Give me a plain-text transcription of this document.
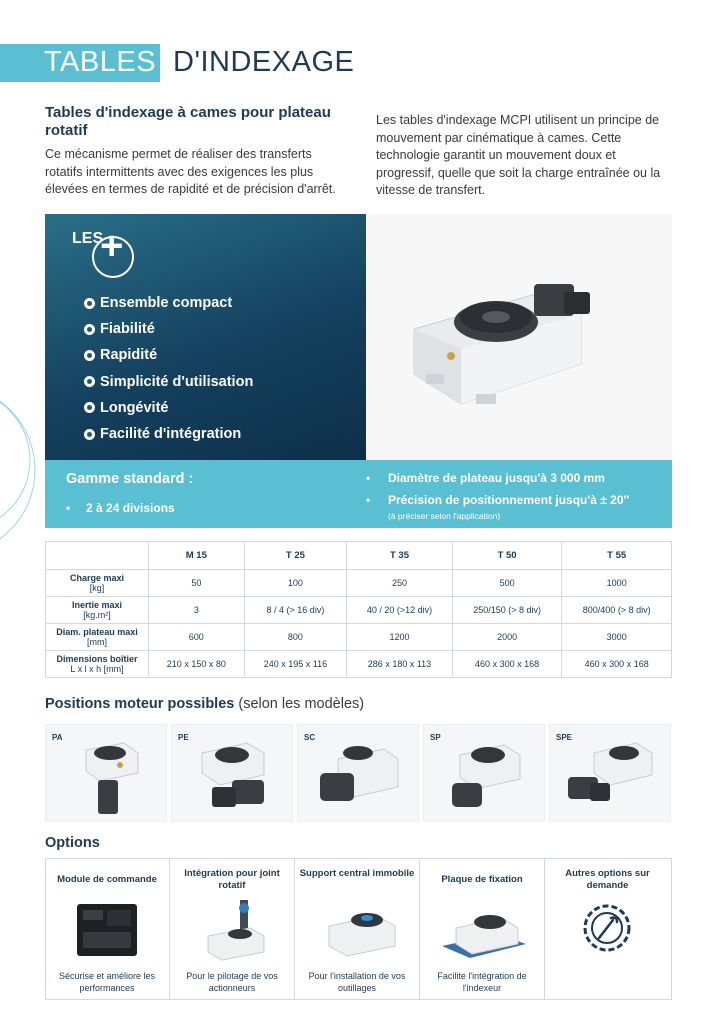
TABLES D'INDEXAGE
Tables d'indexage à cames pour plateau rotatif
Ce mécanisme permet de réaliser des transferts rotatifs intermittents avec des exigences les plus élevées en termes de rapidité et de précision d'arrêt.
Les tables d'indexage MCPI utilisent un principe de mouvement par cinématique à cames. Cette technologie garantit un mouvement doux et progressif, quelle que soit la charge entraînée ou la vitesse de transfert.
LES
+
Ensemble compact
Fiabilité
Rapidité
Simplicité d'utilisation
Longévité
Facilité d'intégration
Gamme standard :
• 2 à 24 divisions
• Diamètre de plateau jusqu'à 3 000 mm
• Précision de positionnement jusqu'à ± 20''
(à préciser selon l'application)
	M 15	T 25	T 35	T 50	T 55
Charge maxi
[kg]	50	100	250	500	1000
Inertie maxi
[kg.m²]	3	8 / 4 (> 16 div)	40 / 20 (>12 div)	250/150 (> 8 div)	800/400 (> 8 div)
Diam. plateau maxi
[mm]	600	800	1200	2000	3000
Dimensions boîtier
L x l x h [mm]	210 x 150 x 80	240 x 195 x 116	286 x 180 x 113	460 x 300 x 168	460 x 300 x 168
Positions moteur possibles (selon les modèles)
PA	PE	SC	SP	SPE
Options
Module de commande
Sécurise et améliore les performances
Intégration pour joint rotatif
Pour le pilotage de vos actionneurs
Support central immobile
Pour l'installation de vos outillages
Plaque de fixation
Facilite l'intégration de l'indexeur
Autres options sur demande
